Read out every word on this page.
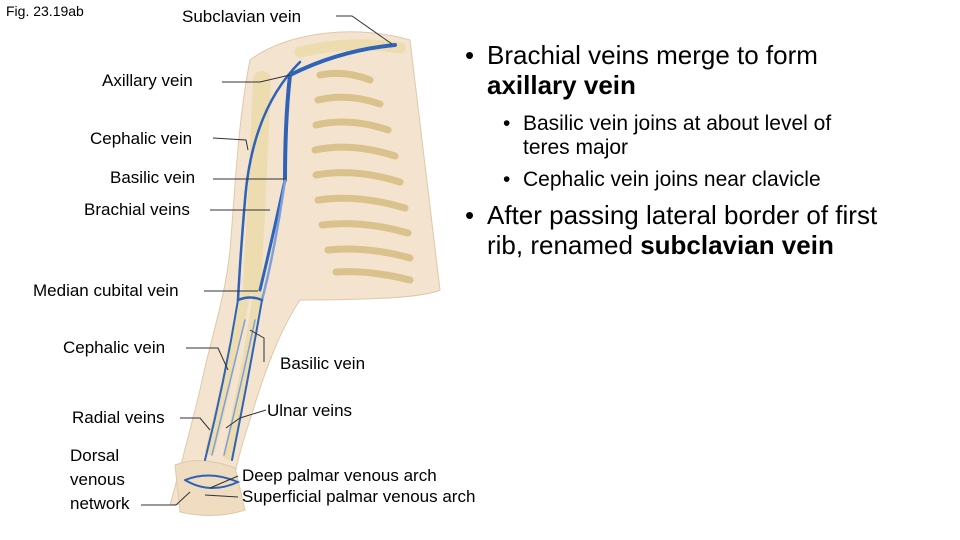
Fig. 23.19ab	Subclavian vein
Axillary vein
Cephalic vein
Basilic vein
Brachial veins
Median cubital vein
Cephalic vein
Basilic vein
Radial veins	Ulnar veins
Dorsal
venous
network
Deep palmar venous arch
Superficial palmar venous arch
• Brachial veins merge to form
axillary vein
• Basilic vein joins at about level of
teres major
• Cephalic vein joins near clavicle
• After passing lateral border of first
rib, renamed subclavian vein
